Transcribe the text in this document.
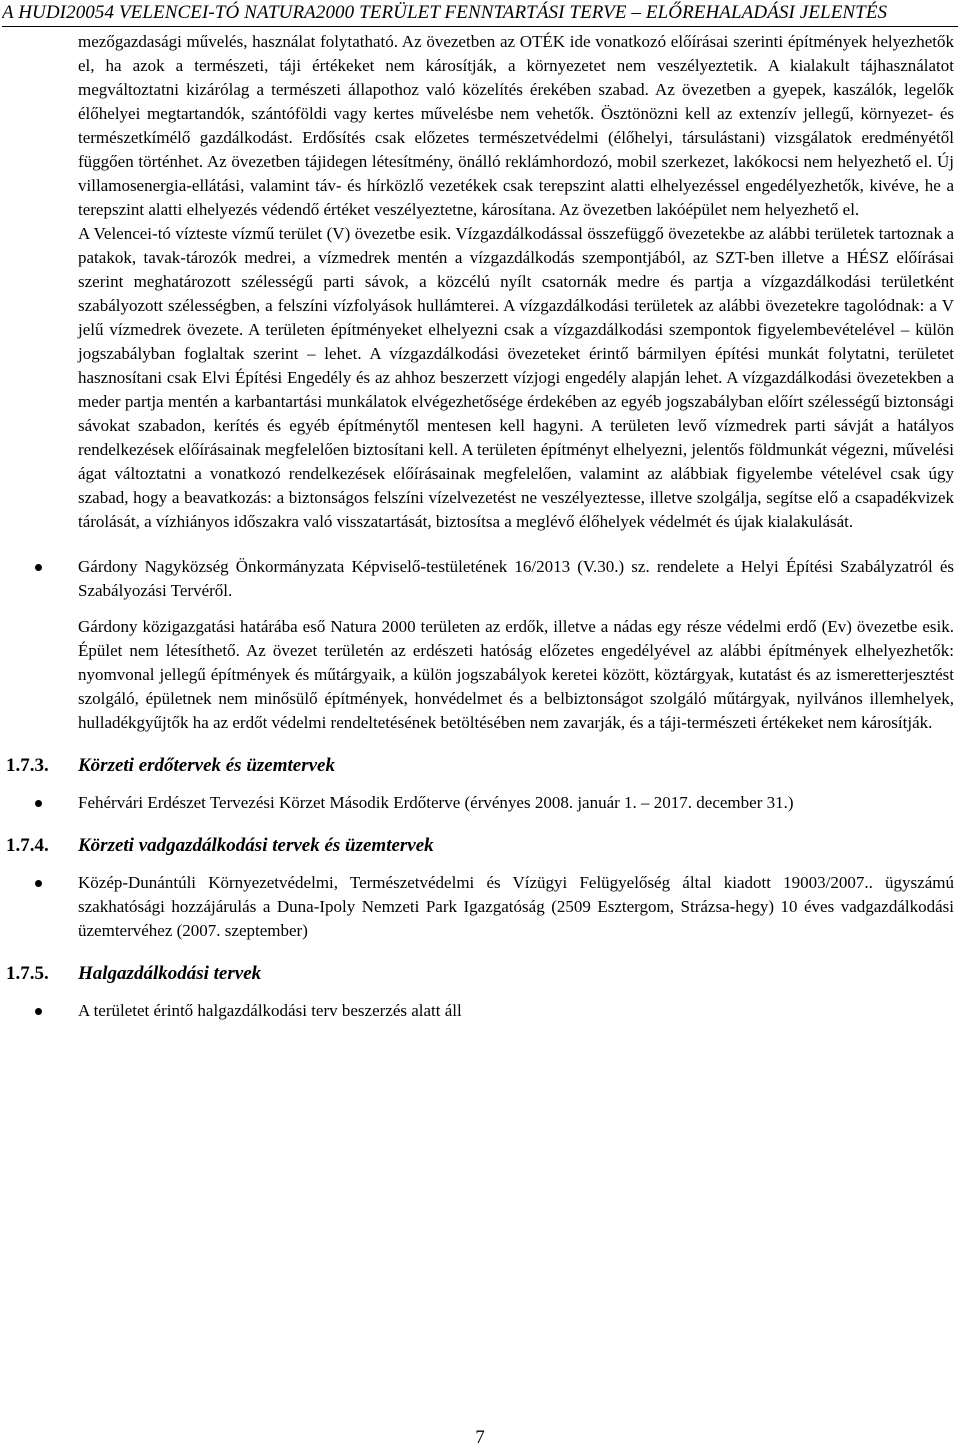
A HUDI20054 VELENCEI-TÓ NATURA2000 TERÜLET FENNTARTÁSI TERVE – ELŐREHALADÁSI JELENTÉS

mezőgazdasági művelés, használat folytatható. Az övezetben az OTÉK ide vonatkozó előírásai szerinti építmények helyezhetők el, ha azok a természeti, táji értékeket nem károsítják, a környezetet nem veszélyeztetik. A kialakult tájhasználatot megváltoztatni kizárólag a természeti állapothoz való közelítés érekében szabad. Az övezetben a gyepek, kaszálók, legelők élőhelyei megtartandók, szántóföldi vagy kertes művelésbe nem vehetők. Ösztönözni kell az extenzív jellegű, környezet- és természetkímélő gazdálkodást. Erdősítés csak előzetes természetvédelmi (élőhelyi, társulástani) vizsgálatok eredményétől függően történhet. Az övezetben tájidegen létesítmény, önálló reklámhordozó, mobil szerkezet, lakókocsi nem helyezhető el. Új villamosenergia-ellátási, valamint táv- és hírközlő vezetékek csak terepszint alatti elhelyezéssel engedélyezhetők, kivéve, he a terepszint alatti elhelyezés védendő értéket veszélyeztetne, károsítana. Az övezetben lakóépület nem helyezhető el.

A Velencei-tó vízteste vízmű terület (V) övezetbe esik. Vízgazdálkodással összefüggő övezetekbe az alábbi területek tartoznak a patakok, tavak-tározók medrei, a vízmedrek mentén a vízgazdálkodás szempontjából, az SZT-ben illetve a HÉSZ előírásai szerint meghatározott szélességű parti sávok, a közcélú nyílt csatornák medre és partja a vízgazdálkodási területként szabályozott szélességben, a felszíni vízfolyások hullámterei. A vízgazdálkodási területek az alábbi övezetekre tagolódnak: a V jelű vízmedrek övezete. A területen építményeket elhelyezni csak a vízgazdálkodási szempontok figyelembevételével – külön jogszabályban foglaltak szerint – lehet. A vízgazdálkodási övezeteket érintő bármilyen építési munkát folytatni, területet hasznosítani csak Elvi Építési Engedély és az ahhoz beszerzett vízjogi engedély alapján lehet. A vízgazdálkodási övezetekben a meder partja mentén a karbantartási munkálatok elvégezhetősége érdekében az egyéb jogszabályban előírt szélességű biztonsági sávokat szabadon, kerítés és egyéb építménytől mentesen kell hagyni. A területen levő vízmedrek parti sávját a hatályos rendelkezések előírásainak megfelelően biztosítani kell. A területen építményt elhelyezni, jelentős földmunkát végezni, művelési ágat változtatni a vonatkozó rendelkezések előírásainak megfelelően, valamint az alábbiak figyelembe vételével csak úgy szabad, hogy a beavatkozás: a biztonságos felszíni vízelvezetést ne veszélyeztesse, illetve szolgálja, segítse elő a csapadékvizek tárolását, a vízhiányos időszakra való visszatartását, biztosítsa a meglévő élőhelyek védelmét és újak kialakulását.

Gárdony Nagyközség Önkormányzata Képviselő-testületének 16/2013 (V.30.) sz. rendelete a Helyi Építési Szabályzatról és Szabályozási Tervéről.

Gárdony közigazgatási határába eső Natura 2000 területen az erdők, illetve a nádas egy része védelmi erdő (Ev) övezetbe esik. Épület nem létesíthető. Az övezet területén az erdészeti hatóság előzetes engedélyével az alábbi építmények elhelyezhetők: nyomvonal jellegű építmények és műtárgyaik, a külön jogszabályok keretei között, köztárgyak, kutatást és az ismeretterjesztést szolgáló, épületnek nem minősülő építmények, honvédelmet és a belbiztonságot szolgáló műtárgyak, nyilvános illemhelyek, hulladékgyűjtők ha az erdőt védelmi rendeltetésének betöltésében nem zavarják, és a táji-természeti értékeket nem károsítják.

1.7.3. Körzeti erdőtervek és üzemtervek

Fehérvári Erdészet Tervezési Körzet Második Erdőterve (érvényes 2008. január 1. – 2017. december 31.)

1.7.4. Körzeti vadgazdálkodási tervek és üzemtervek

Közép-Dunántúli Környezetvédelmi, Természetvédelmi és Vízügyi Felügyelőség által kiadott 19003/2007.. ügyszámú szakhatósági hozzájárulás a Duna-Ipoly Nemzeti Park Igazgatóság (2509 Esztergom, Strázsa-hegy) 10 éves vadgazdálkodási üzemtervéhez (2007. szeptember)

1.7.5. Halgazdálkodási tervek

A területet érintő halgazdálkodási terv beszerzés alatt áll

7
